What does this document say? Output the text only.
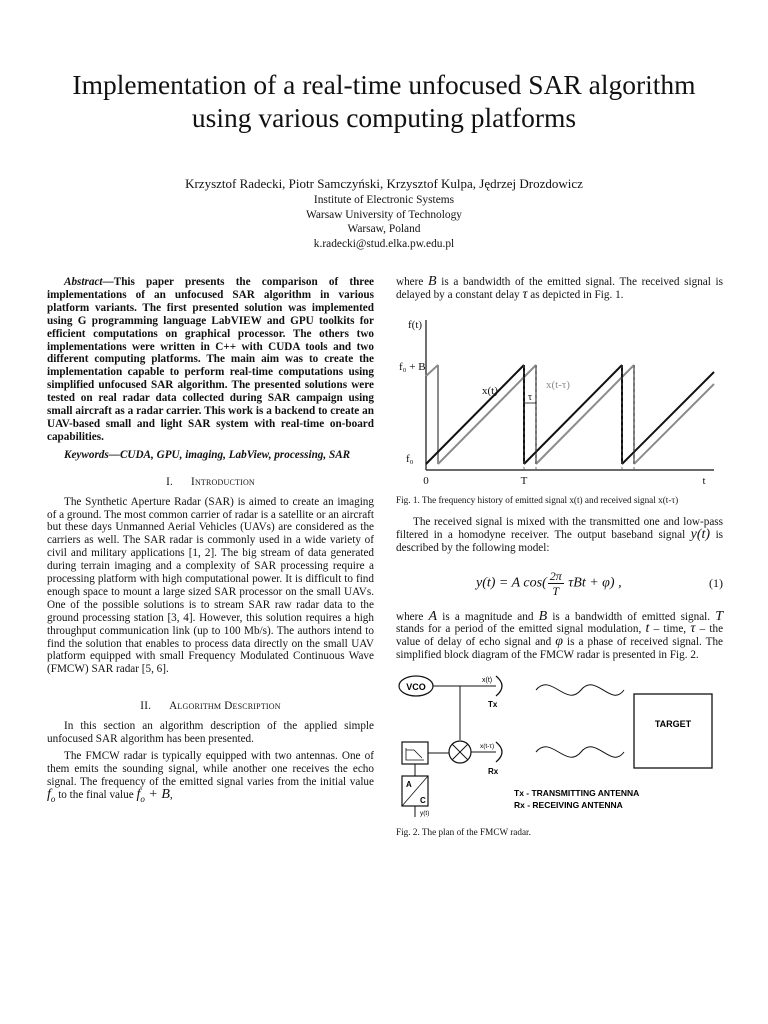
Implementation of a real-time unfocused SAR algorithm using various computing platforms
Krzysztof Radecki, Piotr Samczyński, Krzysztof Kulpa, Jędrzej Drozdowicz
Institute of Electronic Systems
Warsaw University of Technology
Warsaw, Poland
k.radecki@stud.elka.pw.edu.pl
Abstract—This paper presents the comparison of three implementations of an unfocused SAR algorithm in various platform variants. The first presented solution was implemented using G programming language LabVIEW and GPU toolkits for efficient computations on graphical processor. The others two implementations were written in C++ with CUDA tools and two different computing platforms. The main aim was to create the implementation capable to perform real-time computations using simplified unfocused SAR algorithm. The presented solutions were tested on real radar data collected during SAR campaign using small aircraft as a radar carrier. This work is a backend to create an UAV-based small and light SAR system with real-time on-board capabilities.
Keywords—CUDA, GPU, imaging, LabView, processing, SAR
I. Introduction

The Synthetic Aperture Radar (SAR) is aimed to create an imaging of a ground. The most common carrier of radar is a satellite or an aircraft but these days Unmanned Aerial Vehicles (UAVs) are considered as the carriers as well. The SAR radar is commonly used in a wide variety of civil and military applications [1, 2]. The big stream of data generated during terrain imaging and a complexity of SAR processing require a processing platform with high computational power. It is difficult to find enough space to mount a large sized SAR processor on the small UAVs. One of the possible solutions is to stream SAR raw radar data to the ground processing station [3, 4]. However, this solution requires a high throughput communication link (up to 100 Mb/s). The authors intend to find the solution that enables to process data directly on the small UAV platform equipped with small Frequency Modulated Continuous Wave (FMCW) SAR radar [5, 6].

II. Algorithm Description

In this section an algorithm description of the applied simple unfocused SAR algorithm has been presented.

The FMCW radar is typically equipped with two antennas. One of them emits the sounding signal, while another one receives the echo signal. The frequency of the emitted signal varies from the initial value $f_o$ to the final value $f_o + B$,

where B is a bandwidth of the emitted signal. The received signal is delayed by a constant delay τ as depicted in Fig. 1.

τ
f(t)
f₀ + B
f₀
0	T	t
x(t)	x(t-τ)
Fig. 1. The frequency history of emitted signal x(t) and received signal x(t-τ)

The received signal is mixed with the transmitted one and low-pass filtered in a homodyne receiver. The output baseband signal y(t) is described by the following model:

y(t) = A $\cos( \frac{2\pi}{T}$ τBt + φ) ,	(1)

where A is a magnitude and B is a bandwidth of emitted signal. T stands for a period of the emitted signal modulation, t – time, τ – the value of delay of echo signal and φ is a phase of received signal. The simplified block diagram of the FMCW radar is presented in Fig. 2.

VCO
x(t)
Tx
x(t-τ)
Rx
TARGET
A
C
y(t)
Tx - TRANSMITTING ANTENNA
Rx - RECEIVING ANTENNA
Fig. 2. The plan of the FMCW radar.
